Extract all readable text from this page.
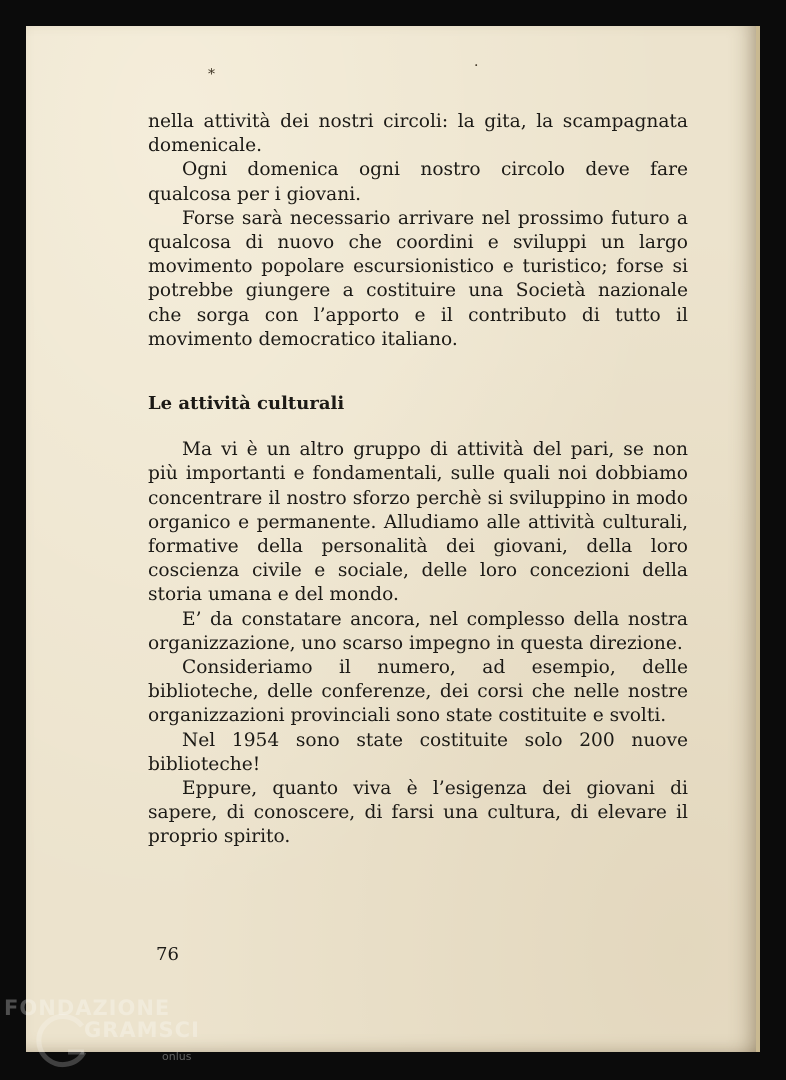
⁎	·

nella attività dei nostri circoli: la gita, la scampagnata domenicale.

Ogni domenica ogni nostro circolo deve fare qualcosa per i giovani.

Forse sarà necessario arrivare nel prossimo futuro a qualcosa di nuovo che coordini e sviluppi un largo movimento popolare escursionistico e turistico; forse si potrebbe giungere a costituire una Società nazionale che sorga con l’apporto e il contributo di tutto il movimento democratico italiano.

Le attività culturali

Ma vi è un altro gruppo di attività del pari, se non più importanti e fondamentali, sulle quali noi dobbiamo concentrare il nostro sforzo perchè si sviluppino in modo organico e permanente. Alludiamo alle attività culturali, formative della personalità dei giovani, della loro coscienza civile e sociale, delle loro concezioni della storia umana e del mondo.

E’ da constatare ancora, nel complesso della nostra organizzazione, uno scarso impegno in questa direzione.

Consideriamo il numero, ad esempio, delle biblioteche, delle conferenze, dei corsi che nelle nostre organizzazioni provinciali sono state costituite e svolti.

Nel 1954 sono state costituite solo 200 nuove biblioteche!

Eppure, quanto viva è l’esigenza dei giovani di sapere, di conoscere, di farsi una cultura, di elevare il proprio spirito.

76
FONDAZIONE
GRAMSCI
onlus
